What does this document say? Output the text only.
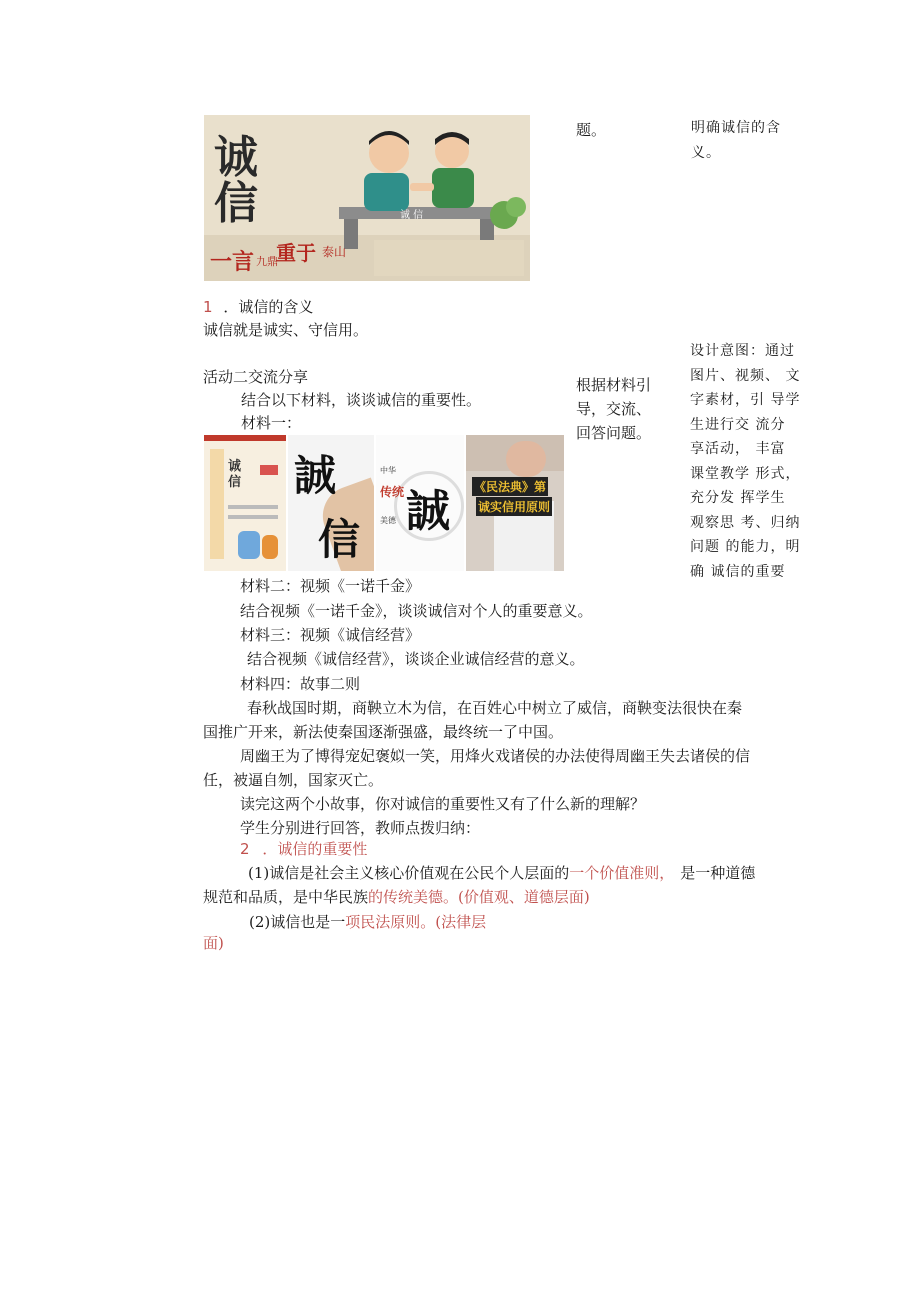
诚信
一言 九鼎
重于 泰山
诚 信
题。	明确诚信的含
义。
1 ．诚信的含义
诚信就是诚实、守信用。
活动二交流分享
结合以下材料，谈谈诚信的重要性。
材料一：
根据材料引
导，交流、
回答问题。
设计意图：通过
图片、视频、 文
字素材，引 导学
生进行交 流分
享活动， 丰富
课堂教学 形式，
充分发 挥学生
观察思 考、归纳
问题 的能力，明
确 诚信的重要
诚信 誠
信
中华
传统
美德 誠 《民法典》第
诚实信用原则
材料二：视频《一诺千金》
结合视频《一诺千金》，谈谈诚信对个人的重要意义。
材料三：视频《诚信经营》
结合视频《诚信经营》，谈谈企业诚信经营的意义。
材料四：故事二则
春秋战国时期，商鞅立木为信，在百姓心中树立了威信，商鞅变法很快在秦
国推广开来，新法使秦国逐渐强盛，最终统一了中国。
周幽王为了博得宠妃褒姒一笑，用烽火戏诸侯的办法使得周幽王失去诸侯的信
任，被逼自刎，国家灭亡。
读完这两个小故事，你对诚信的重要性又有了什么新的理解？
学生分别进行回答，教师点拨归纳：
2 ．诚信的重要性
(1)诚信是社会主义核心价值观在公民个人层面的一个价值准则， 是一种道德
规范和品质，是中华民族的传统美德。(价值观、道德层面)
(2)诚信也是一项民法原则。(法律层
面)
